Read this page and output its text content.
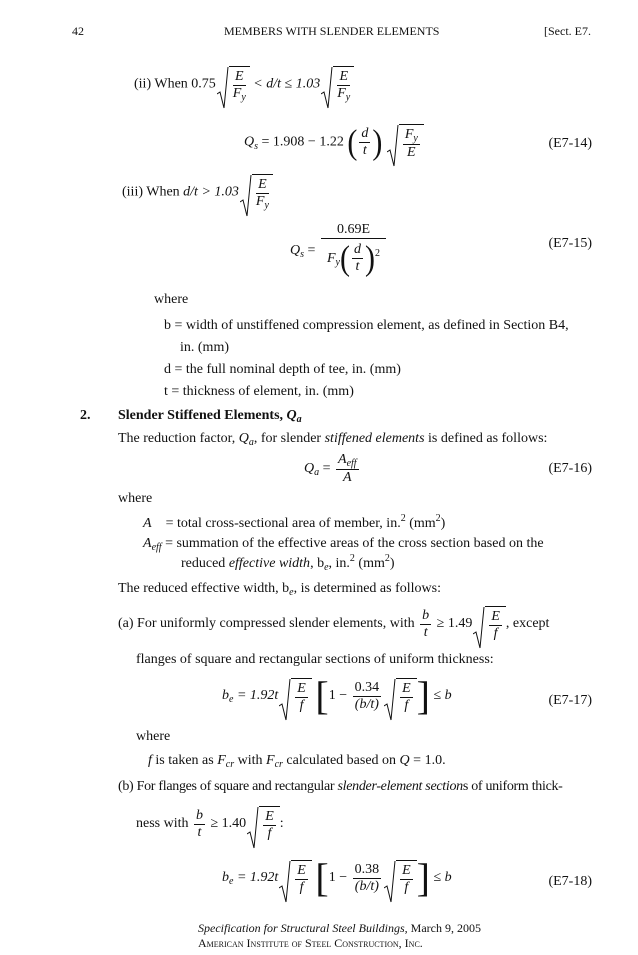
42	MEMBERS WITH SLENDER ELEMENTS	[Sect. E7.
(ii) When $0.75 \frac{E}{F_y} < d/t \le 1.03 \frac{E}{F_y}$
$Q_s = 1.908 - 1.22$ ( $\frac{d}{t}$ ) $\frac{F_y}{E}$	(E7-14)
(iii) When $d/t > 1.03 \frac{E}{F_y}$
$Q_s = \frac{0.69E}{F_y( \frac{d}{t} )^2}$	(E7-15)
where
b = width of unstiffened compression element, as defined in Section B4,
in. (mm)
d = the full nominal depth of tee, in. (mm)
t = thickness of element, in. (mm)
2. Slender Stiffened Elements, $Q_a$
The reduction factor, $Q_a$, for slender stiffened elements is defined as follows:
$Q_a = \frac{A_{eff}}{A}$	(E7-16)
where
A = total cross-sectional area of member, in.$^2$ $(mm^2)$
$A_{eff}$ = summation of the effective areas of the cross section based on the
reduced effective width, $b_e$, in.$^2$ $(mm^2)$
The reduced effective width, $b_e$, is determined as follows:
(a) For uniformly compressed slender elements, with $\frac{b}{t} \ge 1.49 \frac{E}{f}$ , except
flanges of square and rectangular sections of uniform thickness:
$b_e = 1.92t \frac{E}{f} [1 - \frac{0.34}{(b/t)} \frac{E}{f}$ ] ≤ b	(E7-17)
where
f is taken as $F_{cr}$ with $F_{cr}$ calculated based on Q = 1.0.
(b) For flanges of square and rectangular slender-element sections of uniform thick-
ness with $\frac{b}{t} \ge 1.40 \frac{E}{f}$ :
$b_e = 1.92t \frac{E}{f} [1 - \frac{0.38}{(b/t)} \frac{E}{f}$ ] ≤ b	(E7-18)
Specification for Structural Steel Buildings, March 9, 2005
American Institute of Steel Construction, Inc.
